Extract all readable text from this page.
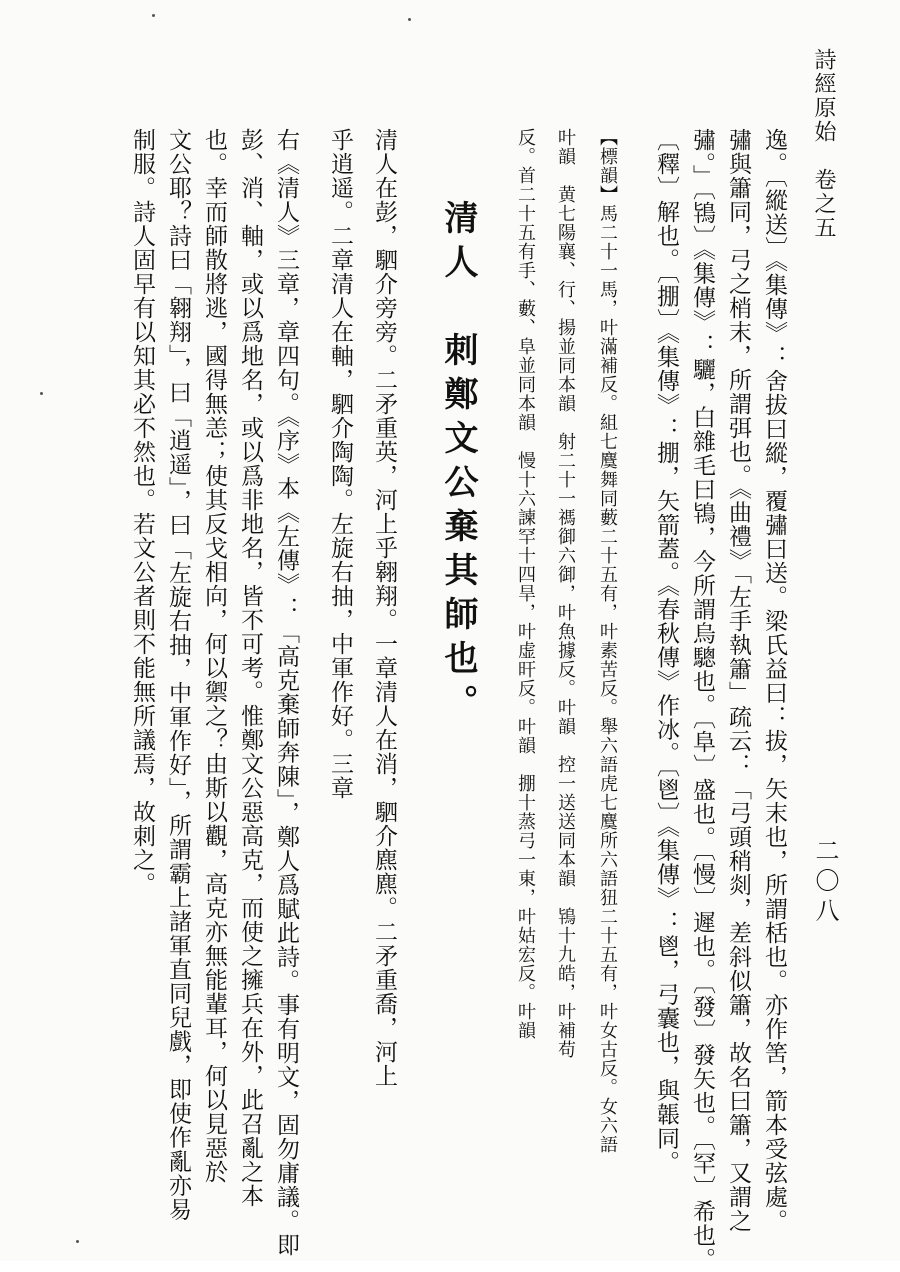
詩經原始　卷之五
二〇八
逸。〔縱送〕《集傳》：舍拔曰縱，覆彇曰送。梁氏益曰：拔，矢末也，所謂栝也。亦作筈，箭本受弦處。
彇與簫同，弓之梢末，所謂弭也。《曲禮》「左手執簫」疏云：「弓頭稍剡，差斜似簫，故名曰簫，又謂之
彇。」〔鴇〕《集傳》：驪，白雜毛曰鴇，今所謂烏驄也。〔阜〕盛也。〔慢〕遲也。〔發〕發矢也。〔罕〕希也。
〔釋〕解也。〔掤〕《集傳》：掤，矢箭蓋。《春秋傳》作冰。〔鬯〕《集傳》：鬯，弓囊也，與韔同。
【標韻】馬二十一馬，叶滿補反。組七麌舞同藪二十五有，叶素苦反。舉六語虎七麌所六語狃二十五有，叶女古反。女六語
叶韻　黄七陽襄、行、揚並同本韻　射二十一禡御六御，叶魚據反。叶韻　控一送送同本韻　鴇十九皓，叶補苟
反。首二十五有手、藪、阜並同本韻　慢十六諫罕十四旱，叶虚旰反。叶韻　掤十蒸弓一東，叶姑宏反。叶韻
清人　刺鄭文公棄其師也。
清人在彭，駟介旁旁。二矛重英，河上乎翱翔。一章清人在消，駟介麃麃。二矛重喬，河上
乎逍遥。二章清人在軸，駟介陶陶。左旋右抽，中軍作好。三章
右《清人》三章，章四句。《序》本《左傳》：「高克棄師奔陳」，鄭人爲賦此詩。事有明文，固勿庸議。即
彭、消、軸，或以爲地名，或以爲非地名，皆不可考。惟鄭文公惡高克，而使之擁兵在外，此召亂之本
也。幸而師散將逃，國得無恙；使其反戈相向，何以禦之？由斯以觀，高克亦無能輩耳，何以見惡於
文公耶？詩曰「翱翔」，曰「逍遥」，曰「左旋右抽，中軍作好」，所謂霸上諸軍直同兒戲，即使作亂亦易
制服。詩人固早有以知其必不然也。若文公者則不能無所議焉，故刺之。
